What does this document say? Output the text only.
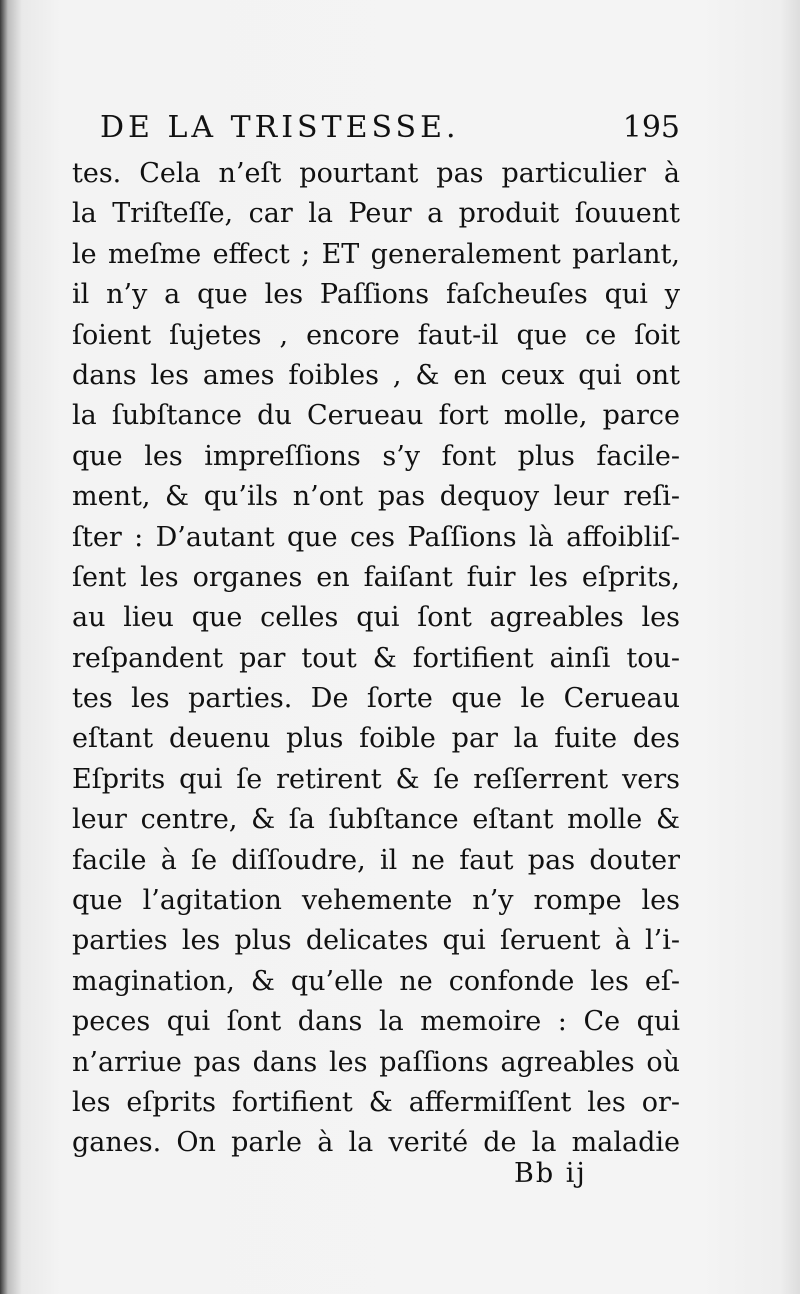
DE LA TRISTESSE.	195
tes. Cela n’eſt pourtant pas particulier à
la Triſteſſe, car la Peur a produit ſouuent
le meſme effect ; ET generalement parlant,
il n’y a que les Paſſions faſcheuſes qui y
ſoient ſujetes , encore faut-il que ce ſoit
dans les ames foibles , & en ceux qui ont
la ſubſtance du Cerueau fort molle, parce
que les impreſſions s’y font plus facile-
ment, & qu’ils n’ont pas dequoy leur reſi-
ſter : D’autant que ces Paſſions là affoibliſ-
ſent les organes en faiſant fuir les eſprits,
au lieu que celles qui ſont agreables les
reſpandent par tout & fortifient ainſi tou-
tes les parties. De ſorte que le Cerueau
eſtant deuenu plus foible par la fuite des
Eſprits qui ſe retirent & ſe reſſerrent vers
leur centre, & ſa ſubſtance eſtant molle &
facile à ſe diſſoudre, il ne faut pas douter
que l’agitation vehemente n’y rompe les
parties les plus delicates qui ſeruent à l’i-
magination, & qu’elle ne confonde les eſ-
peces qui ſont dans la memoire : Ce qui
n’arriue pas dans les paſſions agreables où
les eſprits fortifient & affermiſſent les or-
ganes. On parle à la verité de la maladie
Bb ij
